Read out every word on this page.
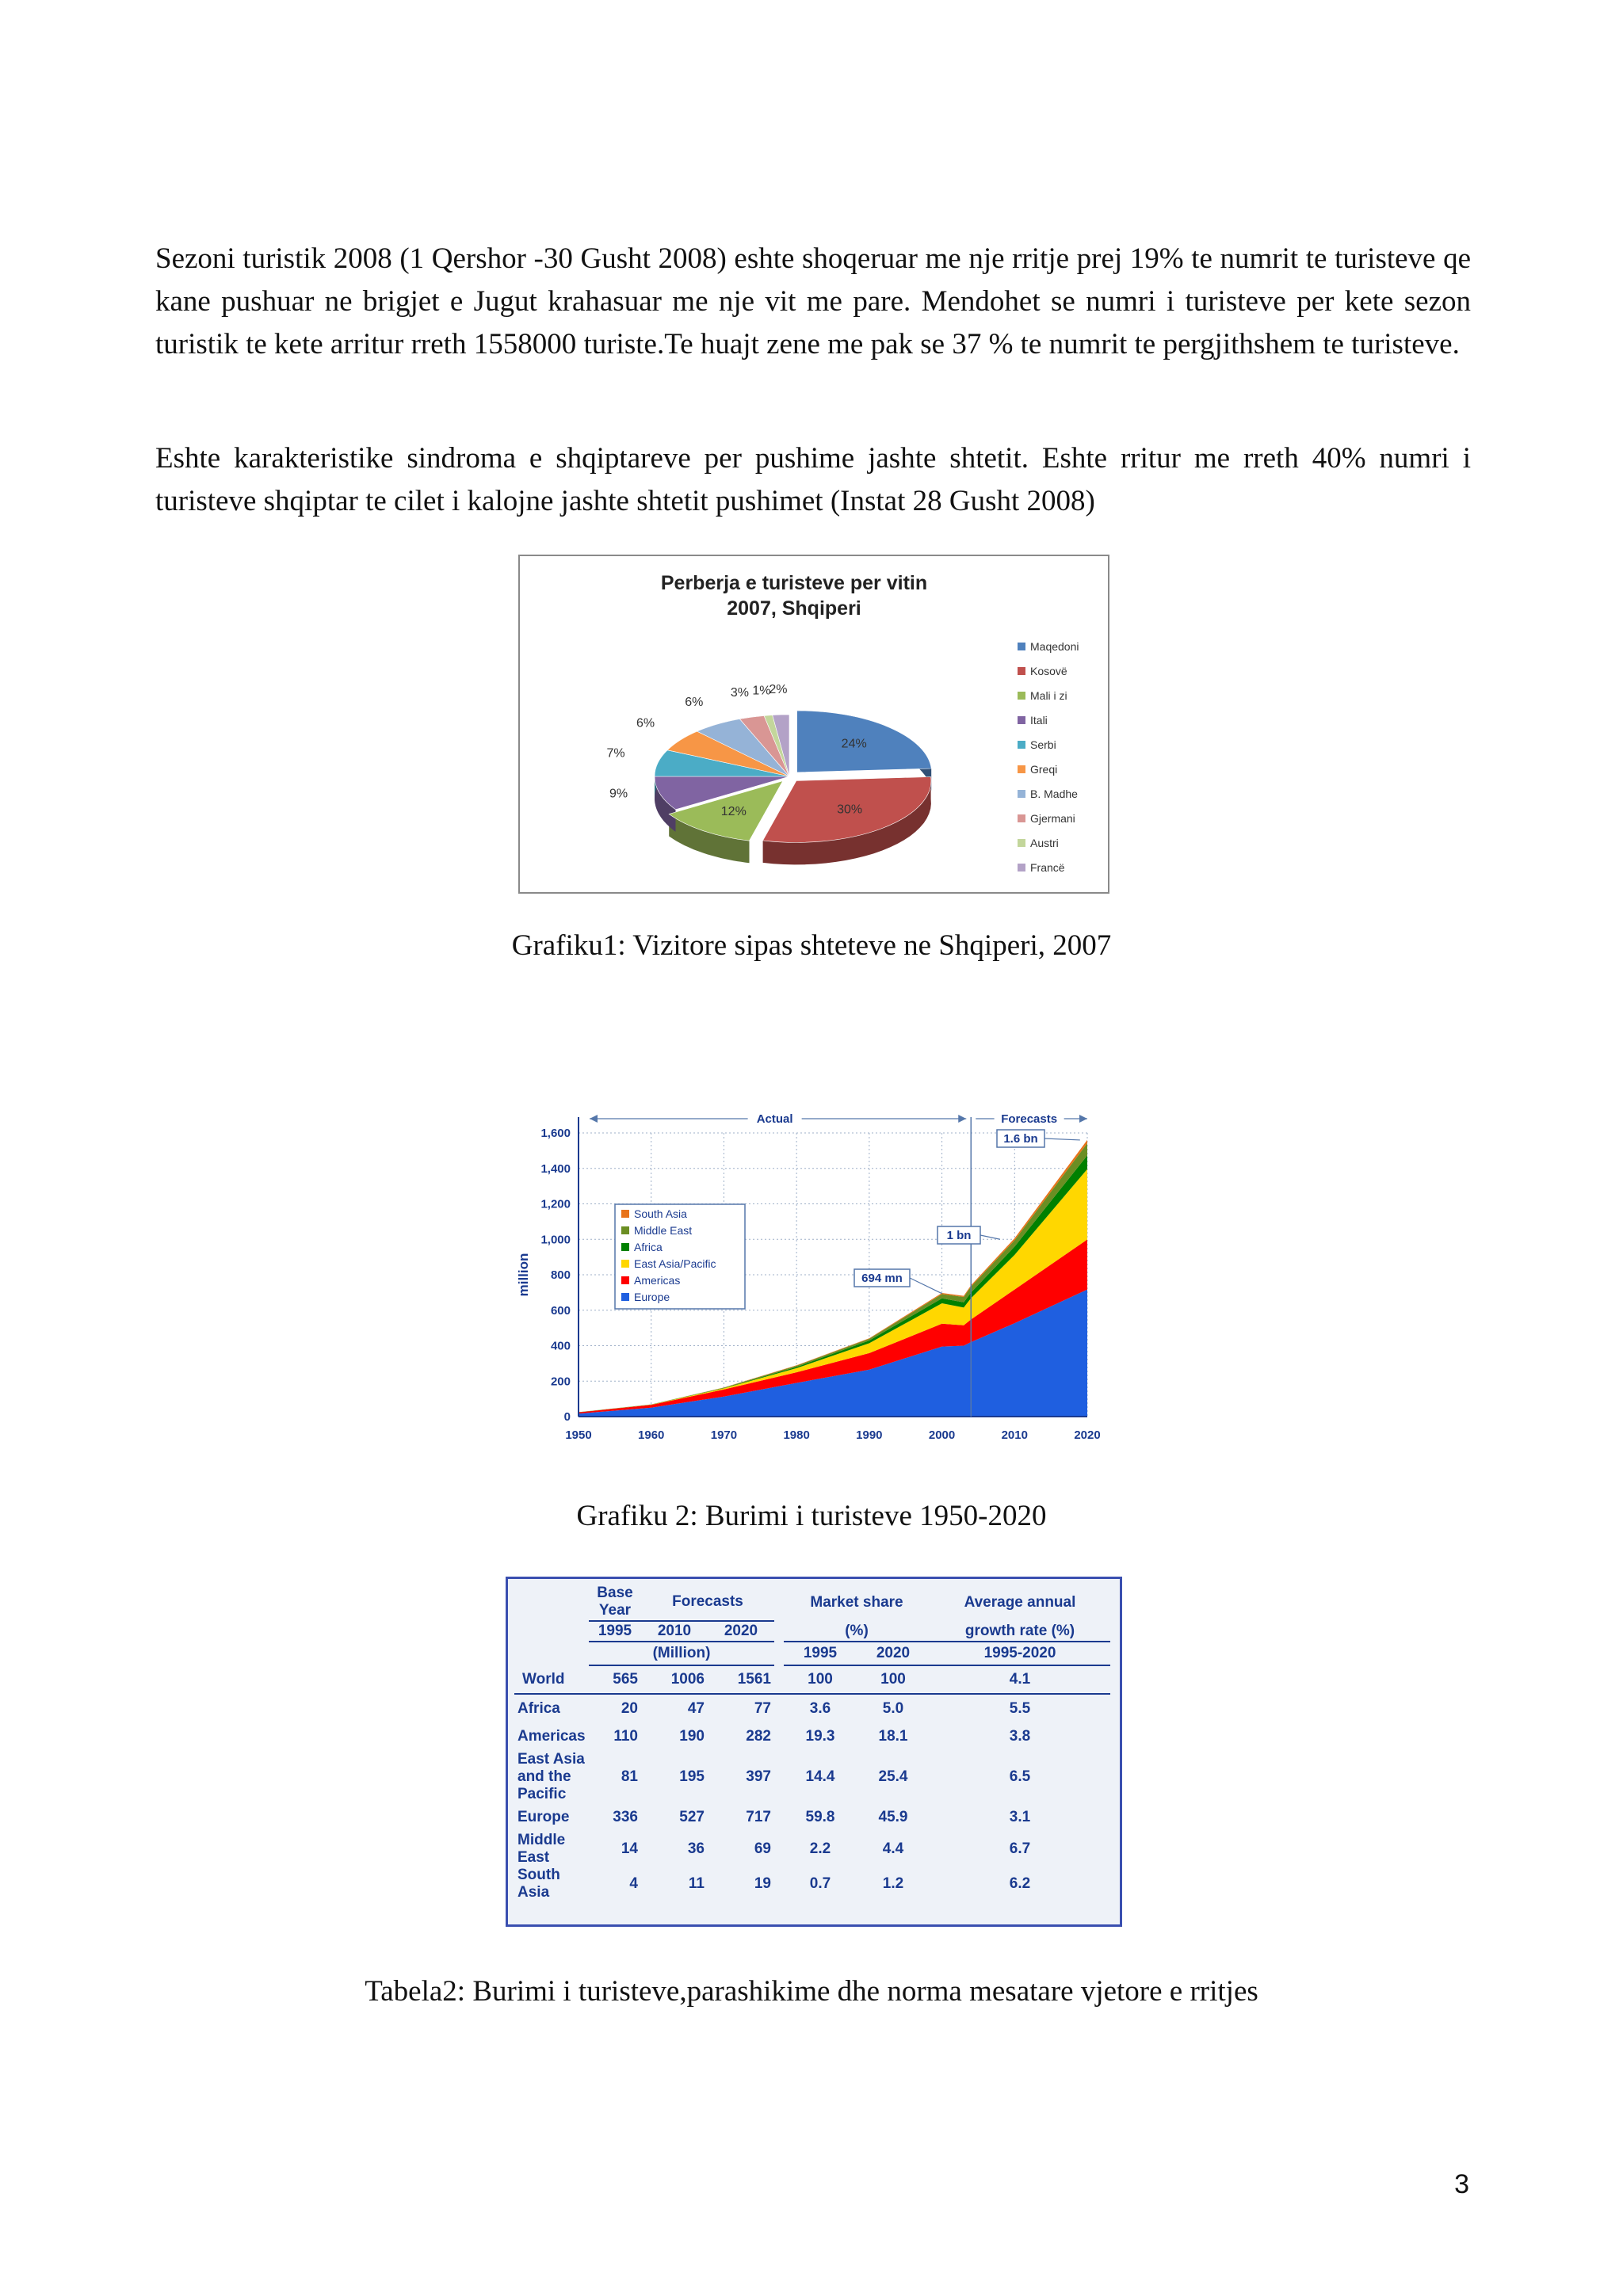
Sezoni turistik 2008 (1 Qershor -30 Gusht 2008) eshte shoqeruar me nje rritje prej 19% te numrit te turisteve qe kane pushuar ne brigjet e Jugut krahasuar me nje vit me pare. Mendohet se numri i turisteve per kete sezon turistik te kete arritur rreth 1558000 turiste.Te huajt zene me pak se 37 % te numrit te pergjithshem te turisteve.

Eshte karakteristike sindroma e shqiptareve per pushime jashte shtetit. Eshte rritur me rreth 40% numri i turisteve shqiptar te cilet i kalojne jashte shtetit pushimet (Instat 28 Gusht 2008)

Perberja e turisteve per vitin
2007, Shqiperi
24%
30%
12%
9%
7%
6%
6%
3% 1%
2%
Maqedoni
Kosovë
Mali i zi
Itali
Serbi
Greqi
B. Madhe
Gjermani
Austri
Francë
Grafiku1: Vizitore sipas shteteve ne Shqiperi, 2007
0
200
400
600
800
1,000
1,200
1,400
1,600
1950	1960	1970	1980	1990	2000	2010	2020
million
Actual	Forecasts
1.6 bn
1 bn
694 mn
South Asia
Middle East
Africa
East Asia/Pacific
Americas
Europe
Grafiku 2: Burimi i turisteve 1950-2020
	Base Year	Forecasts			Market share		Average annual
	1995	2010	2020		(%)		growth rate (%)
	(Million)				1995	2020	1995-2020
World	565	1006	1561		100	100	4.1
Africa	20	47	77		3.6	5.0	5.5
Americas	110	190	282		19.3	18.1	3.8
East Asia and the Pacific	81	195	397		14.4	25.4	6.5
Europe	336	527	717		59.8	45.9	3.1
Middle East	14	36	69		2.2	4.4	6.7
South Asia	4	11	19		0.7	1.2	6.2
Tabela2: Burimi i turisteve,parashikime dhe norma mesatare vjetore e rritjes
3
